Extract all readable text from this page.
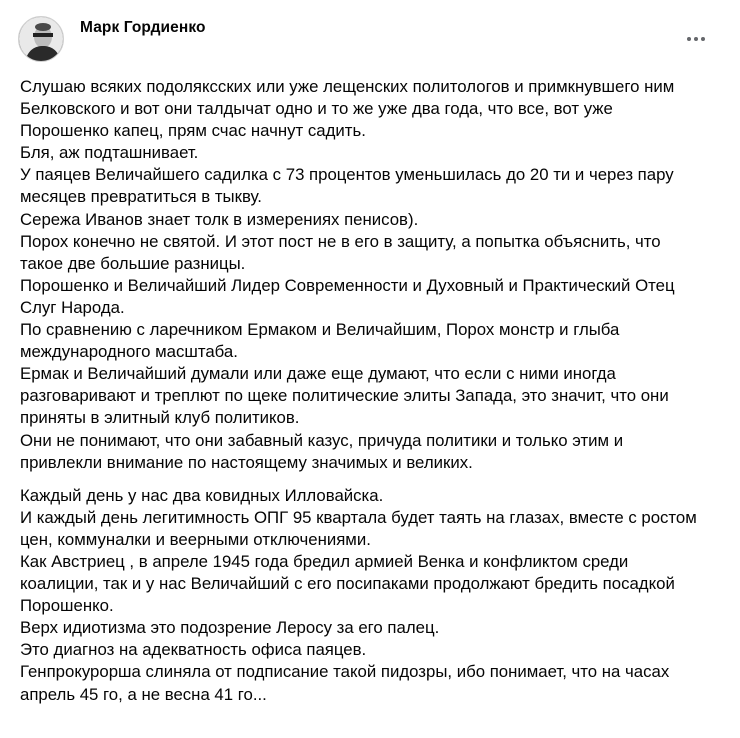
Марк Гордиенко

Слушаю всяких подоляксских или уже лещенских политологов и примкнувшего ним
Белковского и вот они талдычат одно и то же уже два года, что все, вот уже
Порошенко капец, прям счас начнут садить.

Бля, аж подташнивает.

У паяцев Величайшего садилка с 73 процентов уменьшилась до 20 ти и через пару
месяцев превратиться в тыкву.

Сережа Иванов знает толк в измерениях пенисов).

Порох конечно не святой. И этот пост не в его в защиту, а попытка объяснить, что
такое две большие разницы.

Порошенко и Величайший Лидер Современности и Духовный и Практический Отец
Слуг Народа.

По сравнению с ларечником Ермаком и Величайшим, Порох монстр и глыба
международного масштаба.

Ермак и Величайший думали или даже еще думают, что если с ними иногда
разговаривают и треплют по щеке политические элиты Запада, это значит, что они
приняты в элитный клуб политиков.

Они не понимают, что они забавный казус, причуда политики и только этим и
привлекли внимание по настоящему значимых и великих.

Каждый день у нас два ковидных Илловайска.

И каждый день легитимность ОПГ 95 квартала будет таять на глазах, вместе с ростом
цен, коммуналки и веерными отключениями.

Как Австриец , в апреле 1945 года бредил армией Венка и конфликтом среди
коалиции, так и у нас Величайший с его посипаками продолжают бредить посадкой
Порошенко.

Верх идиотизма это подозрение Леросу за его палец.

Это диагноз на адекватность офиса паяцев.

Генпрокурорша слиняла от подписание такой пидозры, ибо понимает, что на часах
апрель 45 го, а не весна 41 го...
